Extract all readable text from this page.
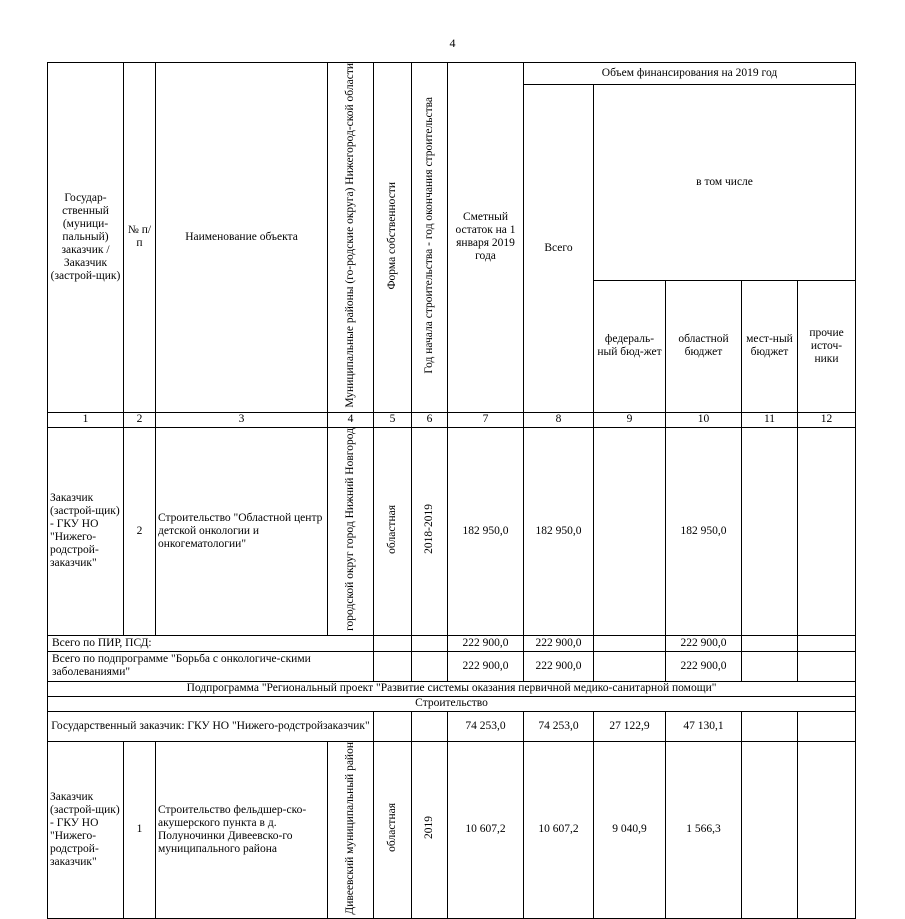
4
Государ-ственный (муници-пальный) заказчик / Заказчик (застрой-щик)	№ п/п	Наименование объекта	Муниципальные районы (го-родские округа) Нижегород-ской области	Форма собственности	Год начала строительства - год окончания строительства	Сметный остаток на 1 января 2019 года	Объем финансирования на 2019 год				
							Всего	в том числе			
								федераль-ный бюд-жет	областной бюджет	мест-ный бюджет	прочие источ-ники
1	2	3	4	5	6	7	8	9	10	11	12
Заказчик (застрой-щик) - ГКУ НО "Нижего-родстрой-заказчик"	2	Строительство "Областной центр детской онкологии и онкогематологии"	городской округ город Нижний Новгород	областная	2018-2019	182 950,0	182 950,0		182 950,0		
Всего по ПИР, ПСД:						222 900,0	222 900,0		222 900,0		
Всего по подпрограмме "Борьба с онкологиче-скими заболеваниями"						222 900,0	222 900,0		222 900,0		
Подпрограмма "Региональный проект "Развитие системы оказания первичной медико-санитарной помощи"											
Строительство											
Государственный заказчик: ГКУ НО "Нижего-родстройзаказчик"						74 253,0	74 253,0	27 122,9	47 130,1		
Заказчик (застрой-щик) - ГКУ НО "Нижего-родстрой-заказчик"	1	Строительство фельдшер-ско-акушерского пункта в д. Полуночинки Дивеевско-го муниципального района	Дивеевский муниципальный район	областная	2019	10 607,2	10 607,2	9 040,9	1 566,3		
